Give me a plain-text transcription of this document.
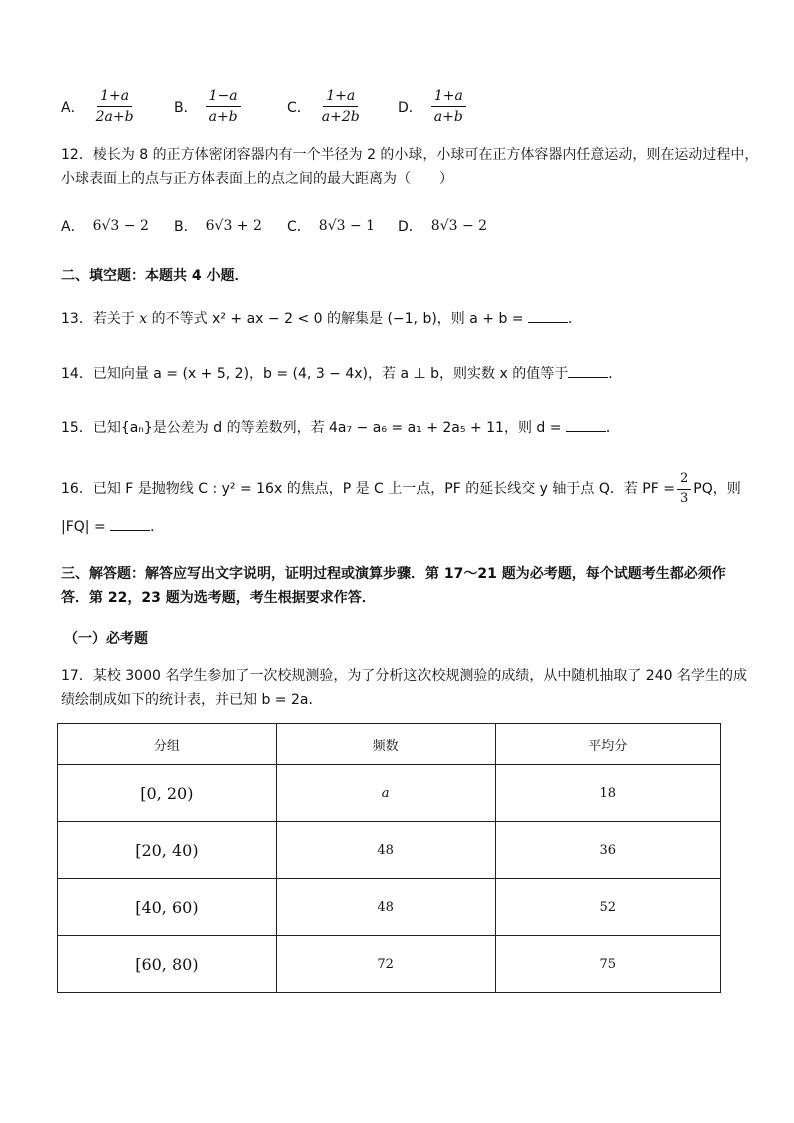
A． $\frac{1+a}{2a+b}$	B． $\frac{1-a}{a+b}$	C． $\frac{1+a}{a+2b}$	D． $\frac{1+a}{a+b}$
12．棱长为 8 的正方体密闭容器内有一个半径为 2 的小球，小球可在正方体容器内任意运动，则在运动过程中，
小球表面上的点与正方体表面上的点之间的最大距离为（　　）
A． 6√3 − 2 B． 6√3 + 2 C． 8√3 − 1 D． 8√3 − 2
二、填空题：本题共 4 小题．
13．若关于 x 的不等式 x² + ax − 2 < 0 的解集是 (−1, b)，则 a + b =	．
14．已知向量 a = (x + 5, 2)，b = (4, 3 − 4x)，若 a ⊥ b，则实数 x 的值等于	．
15．已知{aₙ}是公差为 d 的等差数列，若 4a₇ − a₆ = a₁ + 2a₅ + 11，则 d =	．
16．已知 F 是抛物线 C : y² = 16x 的焦点，P 是 C 上一点，PF 的延长线交 y 轴于点 Q．若 PF = $\frac{2}{3}$ PQ，则
|FQ| =	．
三、解答题：解答应写出文字说明，证明过程或演算步骤．第 17～21 题为必考题，每个试题考生都必须作
答．第 22，23 题为选考题，考生根据要求作答．
（一）必考题
17．某校 3000 名学生参加了一次校规测验，为了分析这次校规测验的成绩，从中随机抽取了 240 名学生的成
绩绘制成如下的统计表，并已知 b = 2a．
分组	频数	平均分
[0, 20)	a	18
[20, 40)	48	36
[40, 60)	48	52
[60, 80)	72	75
